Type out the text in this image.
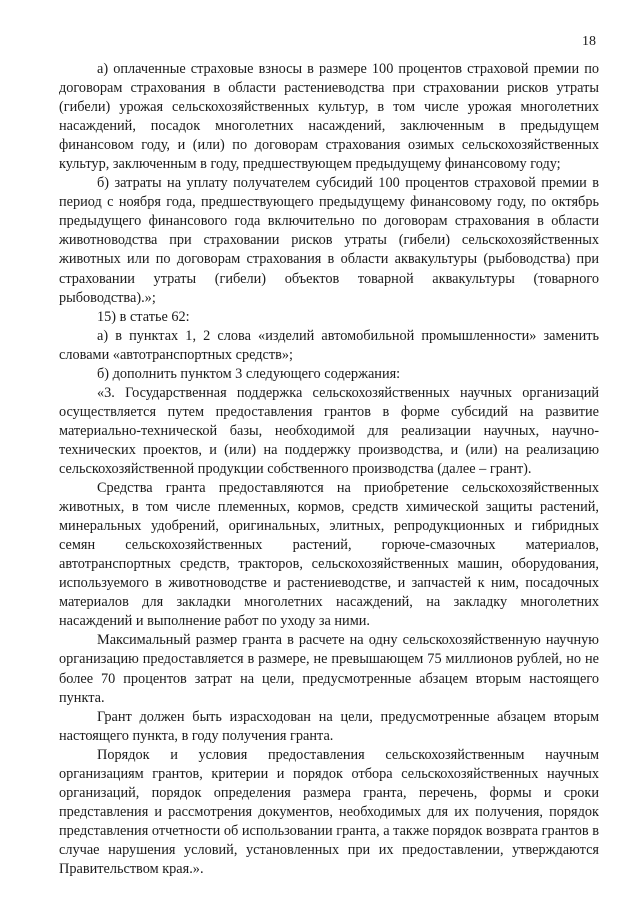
18

а) оплаченные страховые взносы в размере 100 процентов страховой премии по договорам страхования в области растениеводства при страховании рисков утраты (гибели) урожая сельскохозяйственных культур, в том числе урожая многолетних насаждений, посадок многолетних насаждений, заключенным в предыдущем финансовом году, и (или) по договорам страхования озимых сельскохозяйственных культур, заключенным в году, предшествующем предыдущему финансовому году;

б) затраты на уплату получателем субсидий 100 процентов страховой премии в период с ноября года, предшествующего предыдущему финансовому году, по октябрь предыдущего финансового года включительно по договорам страхования в области животноводства при страховании рисков утраты (гибели) сельскохозяйственных животных или по договорам страхования в области аквакультуры (рыбоводства) при страховании утраты (гибели) объектов товарной аквакультуры (товарного рыбоводства).»;

15) в статье 62:

а) в пунктах 1, 2 слова «изделий автомобильной промышленности» заменить словами «автотранспортных средств»;

б) дополнить пунктом 3 следующего содержания:

«3. Государственная поддержка сельскохозяйственных научных организаций осуществляется путем предоставления грантов в форме субсидий на развитие материально-технической базы, необходимой для реализации научных, научно-технических проектов, и (или) на поддержку производства, и (или) на реализацию сельскохозяйственной продукции собственного производства (далее – грант).

Средства гранта предоставляются на приобретение сельскохозяйственных животных, в том числе племенных, кормов, средств химической защиты растений, минеральных удобрений, оригинальных, элитных, репродукционных и гибридных семян сельскохозяйственных растений, горюче-смазочных материалов, автотранспортных средств, тракторов, сельскохозяйственных машин, оборудования, используемого в животноводстве и растениеводстве, и запчастей к ним, посадочных материалов для закладки многолетних насаждений, на закладку многолетних насаждений и выполнение работ по уходу за ними.

Максимальный размер гранта в расчете на одну сельскохозяйственную научную организацию предоставляется в размере, не превышающем 75 миллионов рублей, но не более 70 процентов затрат на цели, предусмотренные абзацем вторым настоящего пункта.

Грант должен быть израсходован на цели, предусмотренные абзацем вторым настоящего пункта, в году получения гранта.

Порядок и условия предоставления сельскохозяйственным научным организациям грантов, критерии и порядок отбора сельскохозяйственных научных организаций, порядок определения размера гранта, перечень, формы и сроки представления и рассмотрения документов, необходимых для их получения, порядок представления отчетности об использовании гранта, а также порядок возврата грантов в случае нарушения условий, установленных при их предоставлении, утверждаются Правительством края.».
